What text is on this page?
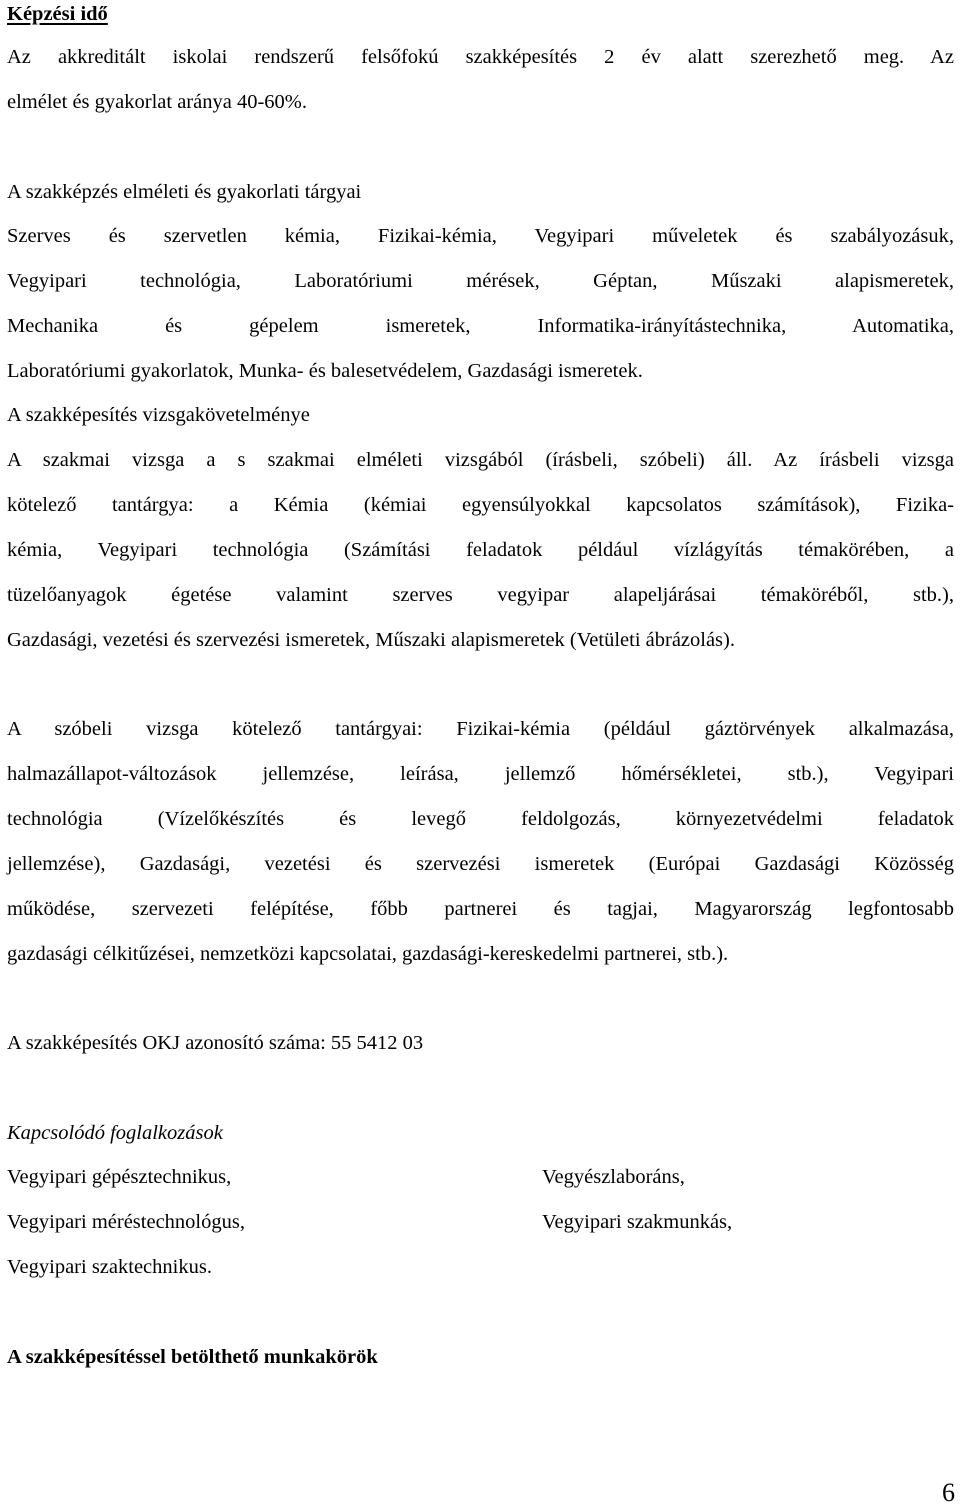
Képzési idő
Az akkreditált iskolai rendszerű felsőfokú szakképesítés 2 év alatt szerezhető meg. Az
elmélet és gyakorlat aránya 40-60%.
A szakképzés elméleti és gyakorlati tárgyai
Szerves és szervetlen kémia, Fizikai-kémia, Vegyipari műveletek és szabályozásuk,
Vegyipari technológia, Laboratóriumi mérések, Géptan, Műszaki alapismeretek,
Mechanika és gépelem ismeretek, Informatika-irányítástechnika, Automatika,
Laboratóriumi gyakorlatok, Munka- és balesetvédelem, Gazdasági ismeretek.
A szakképesítés vizsgakövetelménye
A szakmai vizsga a s szakmai elméleti vizsgából (írásbeli, szóbeli) áll. Az írásbeli vizsga
kötelező tantárgya: a Kémia (kémiai egyensúlyokkal kapcsolatos számítások), Fizika-
kémia, Vegyipari technológia (Számítási feladatok például vízlágyítás témakörében, a
tüzelőanyagok égetése valamint szerves vegyipar alapeljárásai témaköréből, stb.),
Gazdasági, vezetési és szervezési ismeretek, Műszaki alapismeretek (Vetületi ábrázolás).
A szóbeli vizsga kötelező tantárgyai: Fizikai-kémia (például gáztörvények alkalmazása,
halmazállapot-változások jellemzése, leírása, jellemző hőmérsékletei, stb.), Vegyipari
technológia (Vízelőkészítés és levegő feldolgozás, környezetvédelmi feladatok
jellemzése), Gazdasági, vezetési és szervezési ismeretek (Európai Gazdasági Közösség
működése, szervezeti felépítése, főbb partnerei és tagjai, Magyarország legfontosabb
gazdasági célkitűzései, nemzetközi kapcsolatai, gazdasági-kereskedelmi partnerei, stb.).
A szakképesítés OKJ azonosító száma: 55 5412 03
Kapcsolódó foglalkozások
Vegyipari gépésztechnikus,
Vegyipari méréstechnológus,
Vegyipari szaktechnikus.
Vegyészlaboráns,
Vegyipari szakmunkás,
A szakképesítéssel betölthető munkakörök
6
